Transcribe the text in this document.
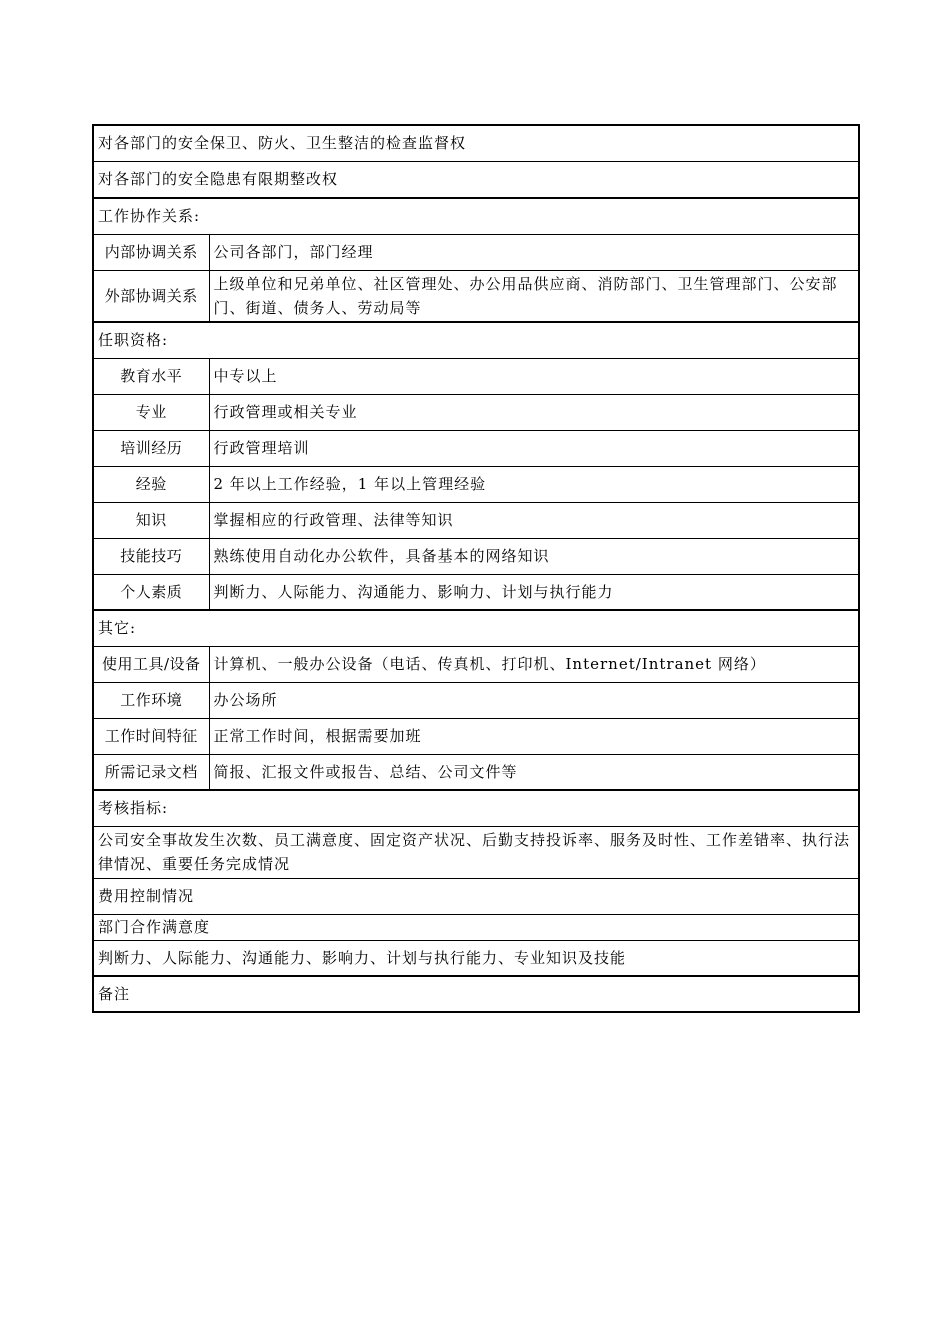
对各部门的安全保卫、防火、卫生整洁的检查监督权	
对各部门的安全隐患有限期整改权	
工作协作关系:	
内部协调关系	公司各部门，部门经理
外部协调关系	上级单位和兄弟单位、社区管理处、办公用品供应商、消防部门、卫生管理部门、公安部门、街道、债务人、劳动局等
任职资格:	
教育水平	中专以上
专业	行政管理或相关专业
培训经历	行政管理培训
经验	2 年以上工作经验，1 年以上管理经验
知识	掌握相应的行政管理、法律等知识
技能技巧	熟练使用自动化办公软件，具备基本的网络知识
个人素质	判断力、人际能力、沟通能力、影响力、计划与执行能力
其它:	
使用工具/设备	计算机、一般办公设备（电话、传真机、打印机、Internet/Intranet 网络）
工作环境	办公场所
工作时间特征	正常工作时间，根据需要加班
所需记录文档	简报、汇报文件或报告、总结、公司文件等
考核指标:	
公司安全事故发生次数、员工满意度、固定资产状况、后勤支持投诉率、服务及时性、工作差错率、执行法律情况、重要任务完成情况	
费用控制情况	
部门合作满意度	
判断力、人际能力、沟通能力、影响力、计划与执行能力、专业知识及技能	
备注	
